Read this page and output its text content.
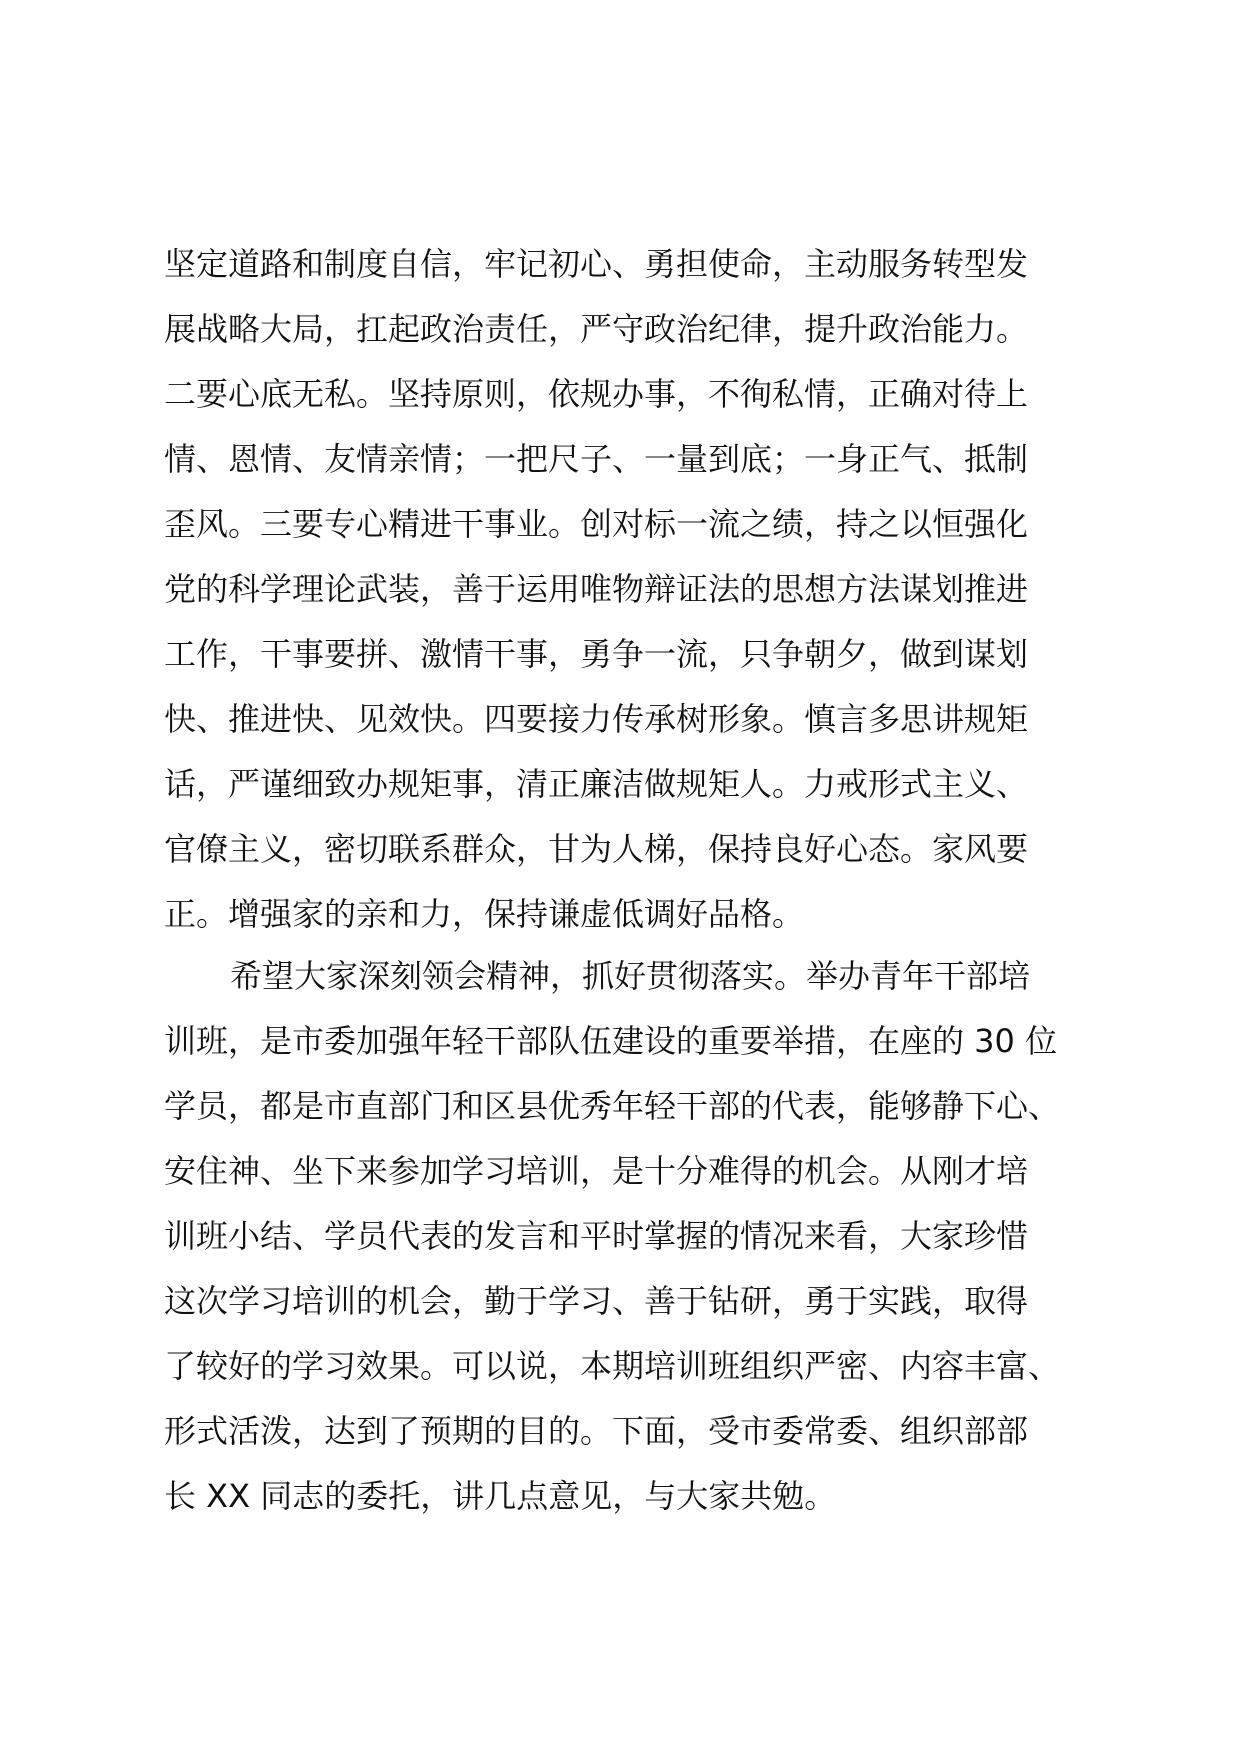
坚定道路和制度自信，牢记初心、勇担使命，主动服务转型发
展战略大局，扛起政治责任，严守政治纪律，提升政治能力。
二要心底无私。坚持原则，依规办事，不徇私情，正确对待上
情、恩情、友情亲情；一把尺子、一量到底；一身正气、抵制
歪风。三要专心精进干事业。创对标一流之绩，持之以恒强化
党的科学理论武装，善于运用唯物辩证法的思想方法谋划推进
工作，干事要拼、激情干事，勇争一流，只争朝夕，做到谋划
快、推进快、见效快。四要接力传承树形象。慎言多思讲规矩
话，严谨细致办规矩事，清正廉洁做规矩人。力戒形式主义、
官僚主义，密切联系群众，甘为人梯，保持良好心态。家风要
正。增强家的亲和力，保持谦虚低调好品格。
希望大家深刻领会精神，抓好贯彻落实。举办青年干部培
训班，是市委加强年轻干部队伍建设的重要举措，在座的 30 位
学员，都是市直部门和区县优秀年轻干部的代表，能够静下心、
安住神、坐下来参加学习培训，是十分难得的机会。从刚才培
训班小结、学员代表的发言和平时掌握的情况来看，大家珍惜
这次学习培训的机会，勤于学习、善于钻研，勇于实践，取得
了较好的学习效果。可以说，本期培训班组织严密、内容丰富、
形式活泼，达到了预期的目的。下面，受市委常委、组织部部
长 XX 同志的委托，讲几点意见，与大家共勉。
